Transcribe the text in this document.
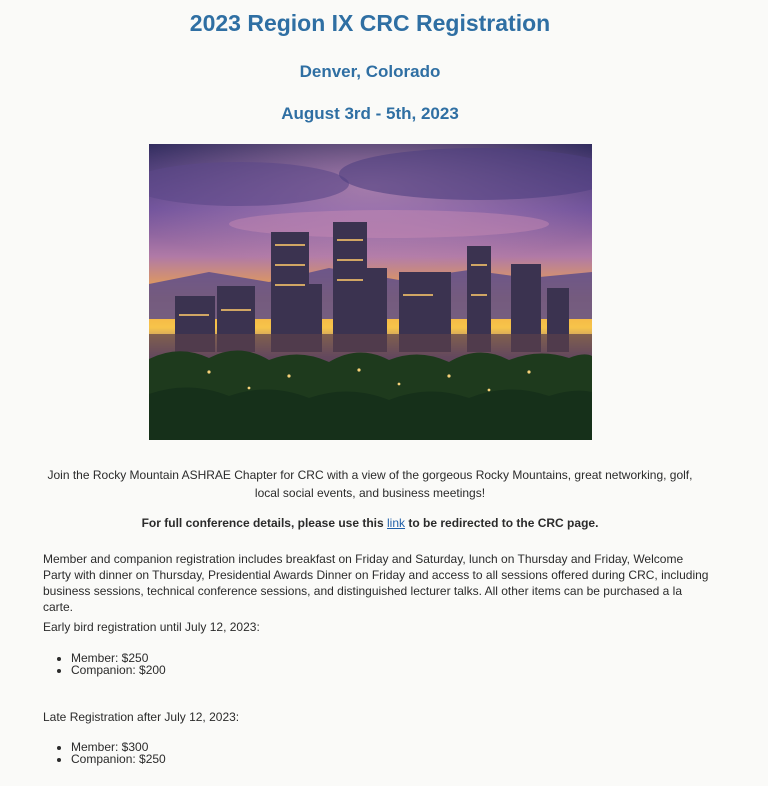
2023 Region IX CRC Registration
Denver, Colorado
August 3rd - 5th, 2023

Join the Rocky Mountain ASHRAE Chapter for CRC with a view of the gorgeous Rocky Mountains, great networking, golf, local social events, and business meetings!

For full conference details, please use this link to be redirected to the CRC page.

Member and companion registration includes breakfast on Friday and Saturday, lunch on Thursday and Friday, Welcome Party with dinner on Thursday, Presidential Awards Dinner on Friday and access to all sessions offered during CRC, including business sessions, technical conference sessions, and distinguished lecturer talks. All other items can be purchased a la carte.

Early bird registration until July 12, 2023:

• Member: $250
• Companion: $200

Late Registration after July 12, 2023:

• Member: $300
• Companion: $250
